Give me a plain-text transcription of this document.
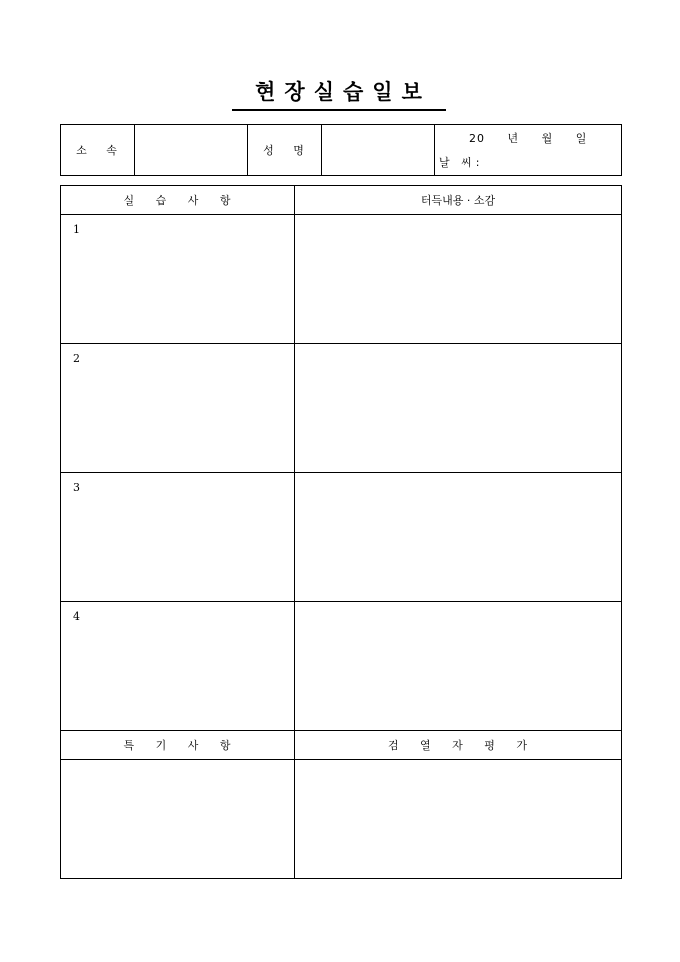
현장실습일보
소 속		성 명		
20 년 월 일
날 씨:
실 습 사 항	터득내용 · 소감
1	
2	
3	
4	
특 기 사 항	검 열 자 평 가
